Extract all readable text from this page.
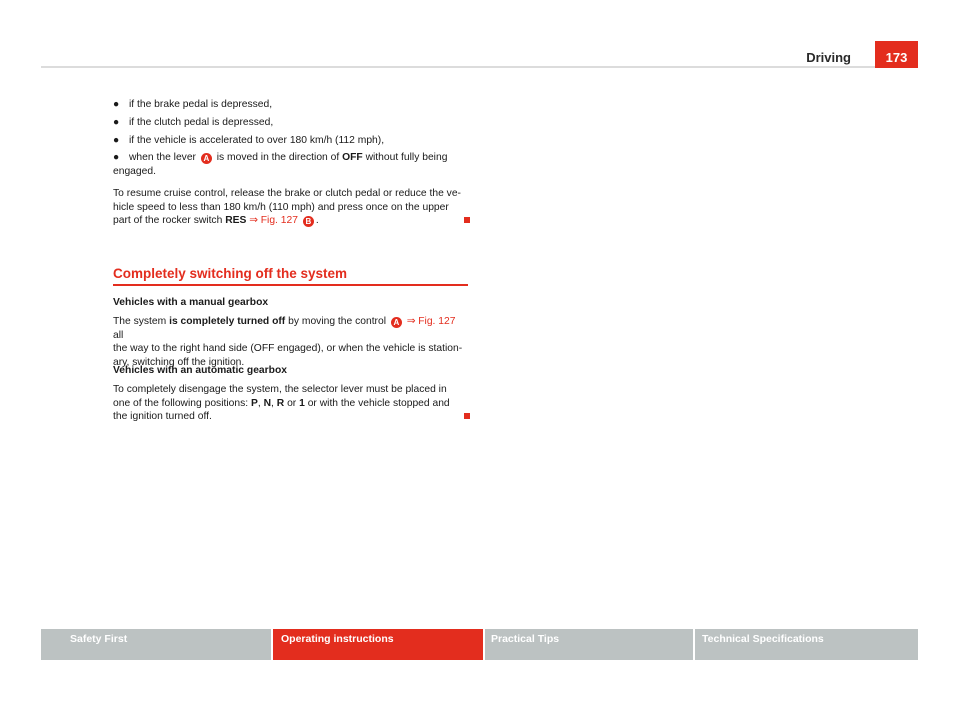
Driving	173
● if the brake pedal is depressed,
● if the clutch pedal is depressed,
● if the vehicle is accelerated to over 180 km/h (112 mph),
● when the lever A is moved in the direction of OFF without fully being
engaged.
To resume cruise control, release the brake or clutch pedal or reduce the ve-
hicle speed to less than 180 km/h (110 mph) and press once on the upper
part of the rocker switch RES ⇒ Fig. 127 B .
Completely switching off the system
Vehicles with a manual gearbox
The system is completely turned off by moving the control A ⇒ Fig. 127 all
the way to the right hand side (OFF engaged), or when the vehicle is station-
ary, switching off the ignition.
Vehicles with an automatic gearbox
To completely disengage the system, the selector lever must be placed in
one of the following positions: P, N, R or 1 or with the vehicle stopped and
the ignition turned off.
Safety First	Operating instructions	Practical Tips	Technical Specifications
